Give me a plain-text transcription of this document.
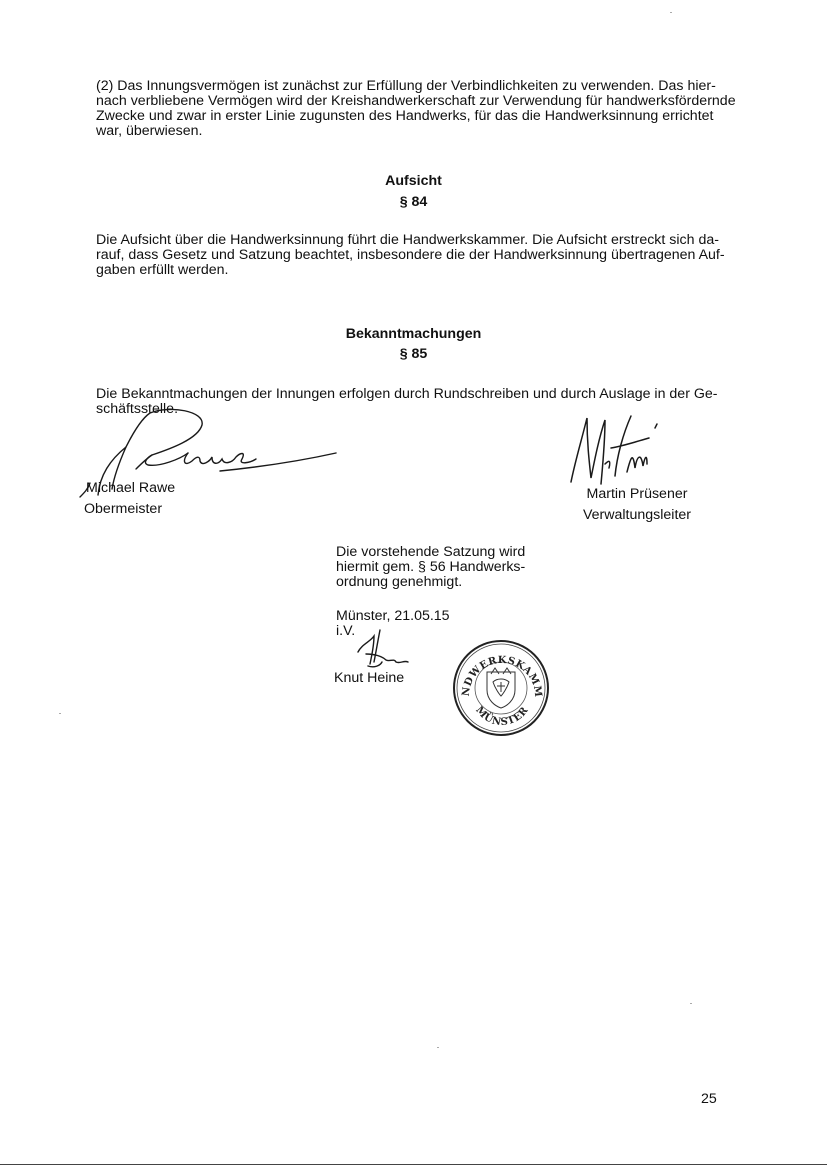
(2) Das Innungsvermögen ist zunächst zur Erfüllung der Verbindlichkeiten zu verwenden. Das hier-
nach verbliebene Vermögen wird der Kreishandwerkerschaft zur Verwendung für handwerksfördernde
Zwecke und zwar in erster Linie zugunsten des Handwerks, für das die Handwerksinnung errichtet
war, überwiesen.
Aufsicht
§ 84
Die Aufsicht über die Handwerksinnung führt die Handwerkskammer. Die Aufsicht erstreckt sich da-
rauf, dass Gesetz und Satzung beachtet, insbesondere die der Handwerksinnung übertragenen Auf-
gaben erfüllt werden.
Bekanntmachungen
§ 85
Die Bekanntmachungen der Innungen erfolgen durch Rundschreiben und durch Auslage in der Ge-
schäftsstelle.
Michael Rawe
Obermeister
Martin Prüsener
Verwaltungsleiter
Die vorstehende Satzung wird
hiermit gem. § 56 Handwerks-
ordnung genehmigt.
Münster, 21.05.15
i.V.
Knut Heine
HANDWERKSKAMMER
MÜNSTER
25
